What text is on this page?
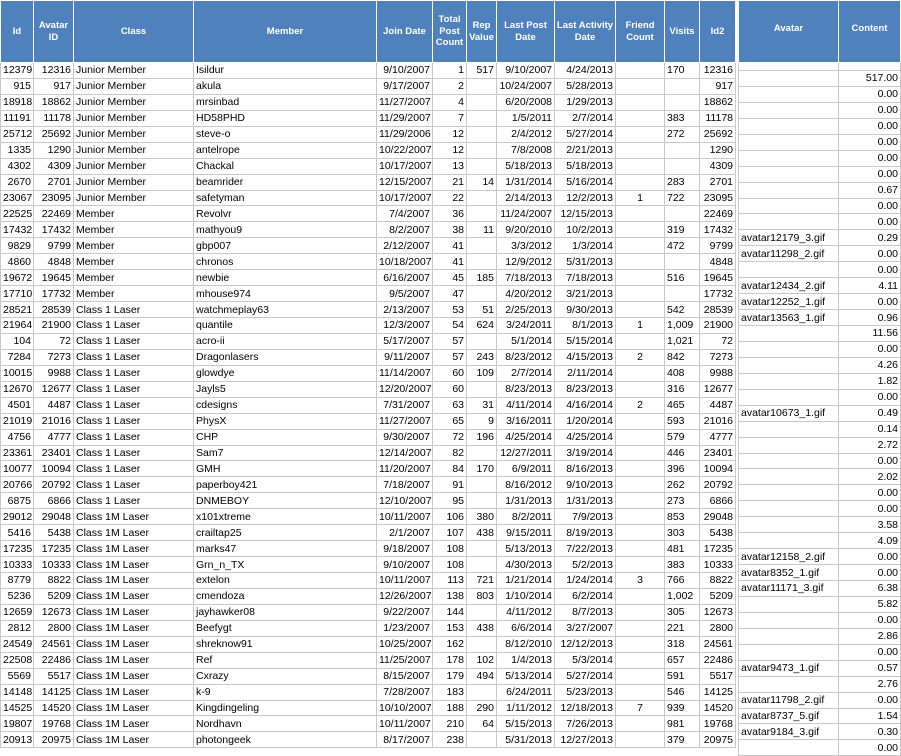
Id	Avatar ID	Class	Member	Join Date	Total Post Count	Rep Value	Last Post Date	Last Activity Date	Friend Count	Visits	Id2
12379	12316	Junior Member	Isildur	9/10/2007	1	517	9/10/2007	4/24/2013		170	12316
915	917	Junior Member	akula	9/17/2007	2		10/24/2007	5/28/2013			917
18918	18862	Junior Member	mrsinbad	11/27/2007	4		6/20/2008	1/29/2013			18862
11191	11178	Junior Member	HD58PHD	11/29/2007	7		1/5/2011	2/7/2014		383	11178
25712	25692	Junior Member	steve-o	11/29/2006	12		2/4/2012	5/27/2014		272	25692
1335	1290	Junior Member	antelrope	10/22/2007	12		7/8/2008	2/21/2013			1290
4302	4309	Junior Member	Chackal	10/17/2007	13		5/18/2013	5/18/2013			4309
2670	2701	Junior Member	beamrider	12/15/2007	21	14	1/31/2014	5/16/2014		283	2701
23067	23095	Junior Member	safetyman	10/17/2007	22		2/14/2013	12/2/2013	1	722	23095
22525	22469	Member	Revolvr	7/4/2007	36		11/24/2007	12/15/2013			22469
17432	17432	Member	mathyou9	8/2/2007	38	11	9/20/2010	10/2/2013		319	17432
9829	9799	Member	gbp007	2/12/2007	41		3/3/2012	1/3/2014		472	9799
4860	4848	Member	chronos	10/18/2007	41		12/9/2012	5/31/2013			4848
19672	19645	Member	newbie	6/16/2007	45	185	7/18/2013	7/18/2013		516	19645
17710	17732	Member	mhouse974	9/5/2007	47		4/20/2012	3/21/2013			17732
28521	28539	Class 1 Laser	watchmeplay63	2/13/2007	53	51	2/25/2013	9/30/2013		542	28539
21964	21900	Class 1 Laser	quantile	12/3/2007	54	624	3/24/2011	8/1/2013	1	1,009	21900
104	72	Class 1 Laser	acro-ii	5/17/2007	57		5/1/2014	5/15/2014		1,021	72
7284	7273	Class 1 Laser	Dragonlasers	9/11/2007	57	243	8/23/2012	4/15/2013	2	842	7273
10015	9988	Class 1 Laser	glowdye	11/14/2007	60	109	2/7/2014	2/11/2014		408	9988
12670	12677	Class 1 Laser	Jayls5	12/20/2007	60		8/23/2013	8/23/2013		316	12677
4501	4487	Class 1 Laser	cdesigns	7/31/2007	63	31	4/11/2014	4/16/2014	2	465	4487
21019	21016	Class 1 Laser	PhysX	11/27/2007	65	9	3/16/2011	1/20/2014		593	21016
4756	4777	Class 1 Laser	CHP	9/30/2007	72	196	4/25/2014	4/25/2014		579	4777
23361	23401	Class 1 Laser	Sam7	12/14/2007	82		12/27/2011	3/19/2014		446	23401
10077	10094	Class 1 Laser	GMH	11/20/2007	84	170	6/9/2011	8/16/2013		396	10094
20766	20792	Class 1 Laser	paperboy421	7/18/2007	91		8/16/2012	9/10/2013		262	20792
6875	6866	Class 1 Laser	DNMEBOY	12/10/2007	95		1/31/2013	1/31/2013		273	6866
29012	29048	Class 1M Laser	x101xtreme	10/11/2007	106	380	8/2/2011	7/9/2013		853	29048
5416	5438	Class 1M Laser	crailtap25	2/1/2007	107	438	9/15/2011	8/19/2013		303	5438
17235	17235	Class 1M Laser	marks47	9/18/2007	108		5/13/2013	7/22/2013		481	17235
10333	10333	Class 1M Laser	Grn_n_TX	9/10/2007	108		4/30/2013	5/2/2013		383	10333
8779	8822	Class 1M Laser	extelon	10/11/2007	113	721	1/21/2014	1/24/2014	3	766	8822
5236	5209	Class 1M Laser	cmendoza	12/26/2007	138	803	1/10/2014	6/2/2014		1,002	5209
12659	12673	Class 1M Laser	jayhawker08	9/22/2007	144		4/11/2012	8/7/2013		305	12673
2812	2800	Class 1M Laser	Beefygt	1/23/2007	153	438	6/6/2014	3/27/2007		221	2800
24549	24561	Class 1M Laser	shreknow91	10/25/2007	162		8/12/2010	12/12/2013		318	24561
22508	22486	Class 1M Laser	Ref	11/25/2007	178	102	1/4/2013	5/3/2014		657	22486
5569	5517	Class 1M Laser	Cxrazy	8/15/2007	179	494	5/13/2014	5/27/2014		591	5517
14148	14125	Class 1M Laser	k-9	7/28/2007	183		6/24/2011	5/23/2013		546	14125
14525	14520	Class 1M Laser	Kingdingeling	10/10/2007	188	290	1/11/2012	12/18/2013	7	939	14520
19807	19768	Class 1M Laser	Nordhavn	10/11/2007	210	64	5/15/2013	7/26/2013		981	19768
20913	20975	Class 1M Laser	photongeek	8/17/2007	238		5/31/2013	12/27/2013		379	20975
Avatar	Content

	517.00
	0.00
	0.00
	0.00
	0.00
	0.00
	0.00
	0.67
	0.00
	0.00
avatar12179_3.gif	0.29
avatar11298_2.gif	0.00
	0.00
avatar12434_2.gif	4.11
avatar12252_1.gif	0.00
avatar13563_1.gif	0.96
	11.56
	0.00
	4.26
	1.82
	0.00
avatar10673_1.gif	0.49
	0.14
	2.72
	0.00
	2.02
	0.00
	0.00
	3.58
	4.09
avatar12158_2.gif	0.00
avatar8352_1.gif	0.00
avatar11171_3.gif	6.38
	5.82
	0.00
	2.86
	0.00
avatar9473_1.gif	0.57
	2.76
avatar11798_2.gif	0.00
avatar8737_5.gif	1.54
avatar9184_3.gif	0.30
	0.00
